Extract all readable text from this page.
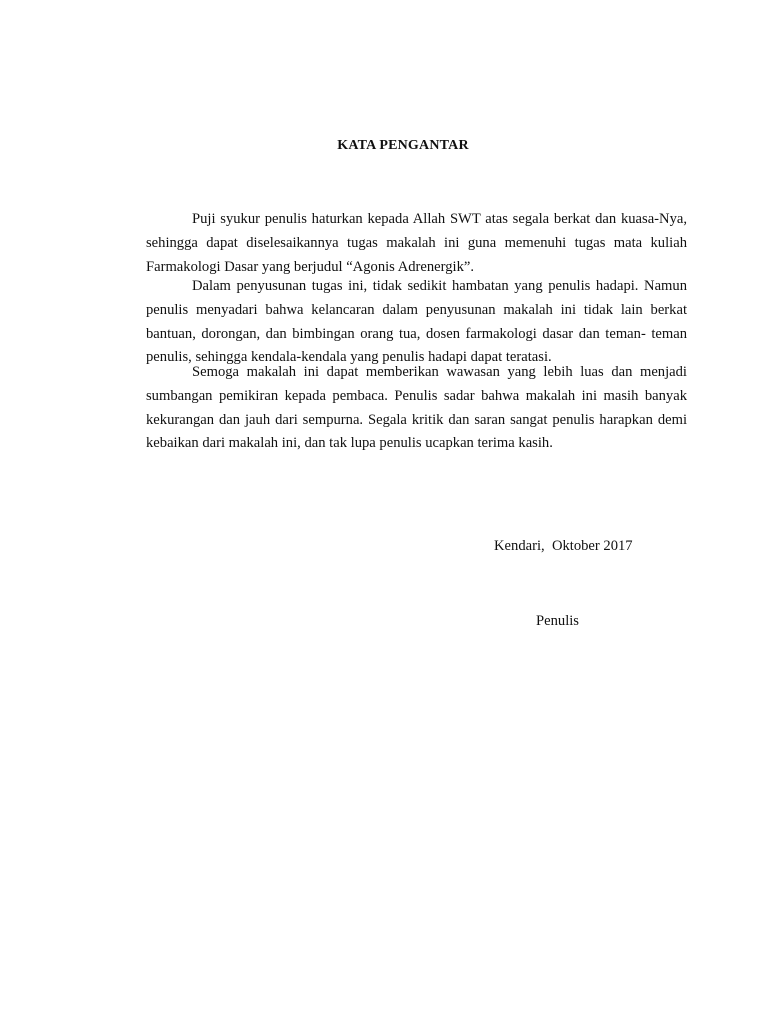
KATA PENGANTAR

Puji syukur penulis haturkan kepada Allah SWT atas segala berkat dan kuasa-Nya, sehingga dapat diselesaikannya tugas makalah ini guna memenuhi tugas mata kuliah Farmakologi Dasar yang berjudul “Agonis Adrenergik”.

Dalam penyusunan tugas ini, tidak sedikit hambatan yang penulis hadapi. Namun penulis menyadari bahwa kelancaran dalam penyusunan makalah ini tidak lain berkat bantuan, dorongan, dan bimbingan orang tua, dosen farmakologi dasar dan teman- teman penulis, sehingga kendala-kendala yang penulis hadapi dapat teratasi.

Semoga makalah ini dapat memberikan wawasan yang lebih luas dan menjadi sumbangan pemikiran kepada pembaca. Penulis sadar bahwa makalah ini masih banyak kekurangan dan jauh dari sempurna. Segala kritik dan saran sangat penulis harapkan demi kebaikan dari makalah ini, dan tak lupa penulis ucapkan terima kasih.

Kendari,  Oktober 2017
Penulis
